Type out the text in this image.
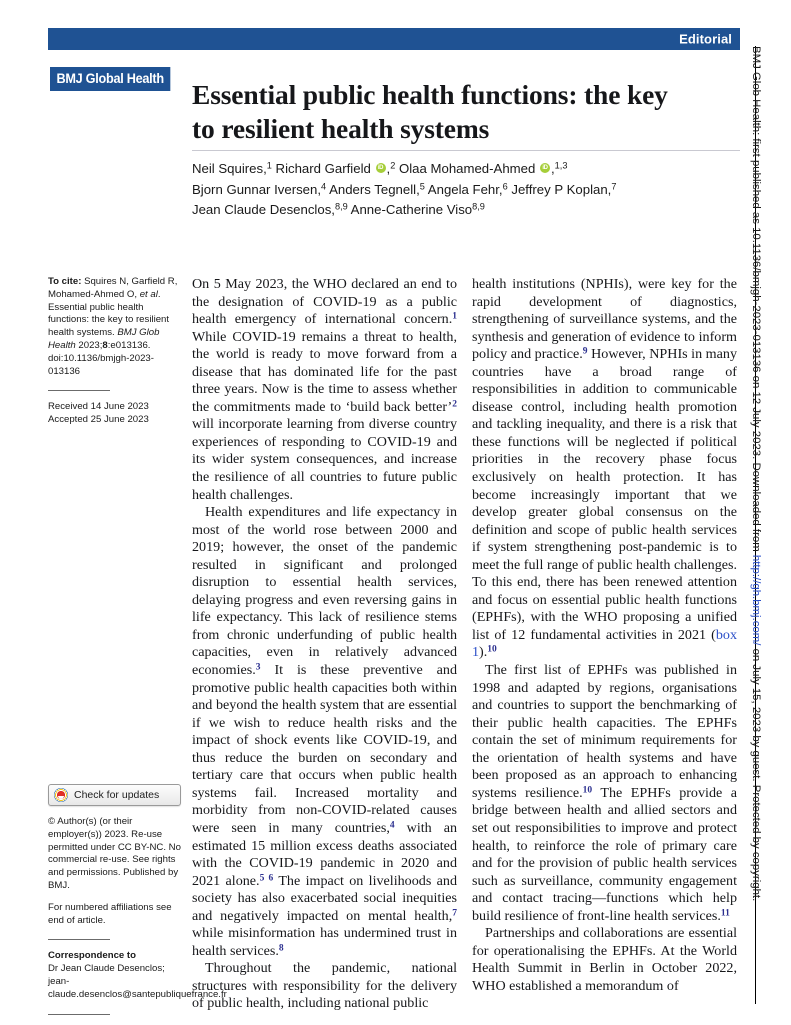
Editorial
BMJ Global Health
Essential public health functions: the key to resilient health systems
Neil Squires,$^1$ Richard Garfield iD ,$^2$ Olaa Mohamed-Ahmed iD ,$^{1,3}$
Bjorn Gunnar Iversen,$^4$ Anders Tegnell,$^5$ Angela Fehr,$^6$ Jeffrey P Koplan,$^7$
Jean Claude Desenclos,$^{8,9}$ Anne-Catherine Viso$^{8,9}$

To cite: Squires N, Garfield R, Mohamed-Ahmed O, et al. Essential public health functions: the key to resilient health systems. BMJ Glob Health 2023;8:e013136. doi:10.1136/bmjgh-2023-013136

Received 14 June 2023

Accepted 25 June 2023

Check for updates

© Author(s) (or their employer(s)) 2023. Re-use permitted under CC BY-NC. No commercial re-use. See rights and permissions. Published by BMJ.

For numbered affiliations see end of article.

Correspondence to
Dr Jean Claude Desenclos;
jean-claude.desenclos@santepubliquefrance.fr

On 5 May 2023, the WHO declared an end to the designation of COVID-19 as a public health emergency of international concern.$^1$ While COVID-19 remains a threat to health, the world is ready to move forward from a disease that has dominated life for the past three years. Now is the time to assess whether the commitments made to ‘build back better’$^2$ will incorporate learning from diverse country experiences of responding to COVID-19 and its wider system consequences, and increase the resilience of all countries to future public health challenges.

Health expenditures and life expectancy in most of the world rose between 2000 and 2019; however, the onset of the pandemic resulted in significant and prolonged disruption to essential health services, delaying progress and even reversing gains in life expectancy. This lack of resilience stems from chronic underfunding of public health capacities, even in relatively advanced economies.$^3$ It is these preventive and promotive public health capacities both within and beyond the health system that are essential if we wish to reduce health risks and the impact of shock events like COVID-19, and thus reduce the burden on secondary and tertiary care that occurs when public health systems fail. Increased mortality and morbidity from non-COVID-related causes were seen in many countries,$^4$ with an estimated 15 million excess deaths associated with the COVID-19 pandemic in 2020 and 2021 alone.$^{5 6}$ The impact on livelihoods and society has also exacerbated social inequities and negatively impacted on mental health,$^7$ while misinformation has undermined trust in health services.$^8$

Throughout the pandemic, national structures with responsibility for the delivery of public health, including national public

health institutions (NPHIs), were key for the rapid development of diagnostics, strengthening of surveillance systems, and the synthesis and generation of evidence to inform policy and practice.$^9$ However, NPHIs in many countries have a broad range of responsibilities in addition to communicable disease control, including health promotion and tackling inequality, and there is a risk that these functions will be neglected if political priorities in the recovery phase focus exclusively on health protection. It has become increasingly important that we develop greater global consensus on the definition and scope of public health services if system strengthening post-pandemic is to meet the full range of public health challenges. To this end, there has been renewed attention and focus on essential public health functions (EPHFs), with the WHO proposing a unified list of 12 fundamental activities in 2021 (box 1).$^{10}$

The first list of EPHFs was published in 1998 and adapted by regions, organisations and countries to support the benchmarking of their public health capacities. The EPHFs contain the set of minimum requirements for the orientation of health systems and have been proposed as an approach to enhancing systems resilience.$^{10}$ The EPHFs provide a bridge between health and allied sectors and set out responsibilities to improve and protect health, to reinforce the role of primary care and for the provision of public health services such as surveillance, community engagement and contact tracing—functions which help build resilience of front-line health services.$^{11}$

Partnerships and collaborations are essential for operationalising the EPHFs. At the World Health Summit in Berlin in October 2022, WHO established a memorandum of

BMJ Glob Health: first published as 10.1136/bmjgh-2023-013136 on 12 July 2023. Downloaded from http://gh.bmj.com/ on July 15, 2023 by guest. Protected by copyright.
